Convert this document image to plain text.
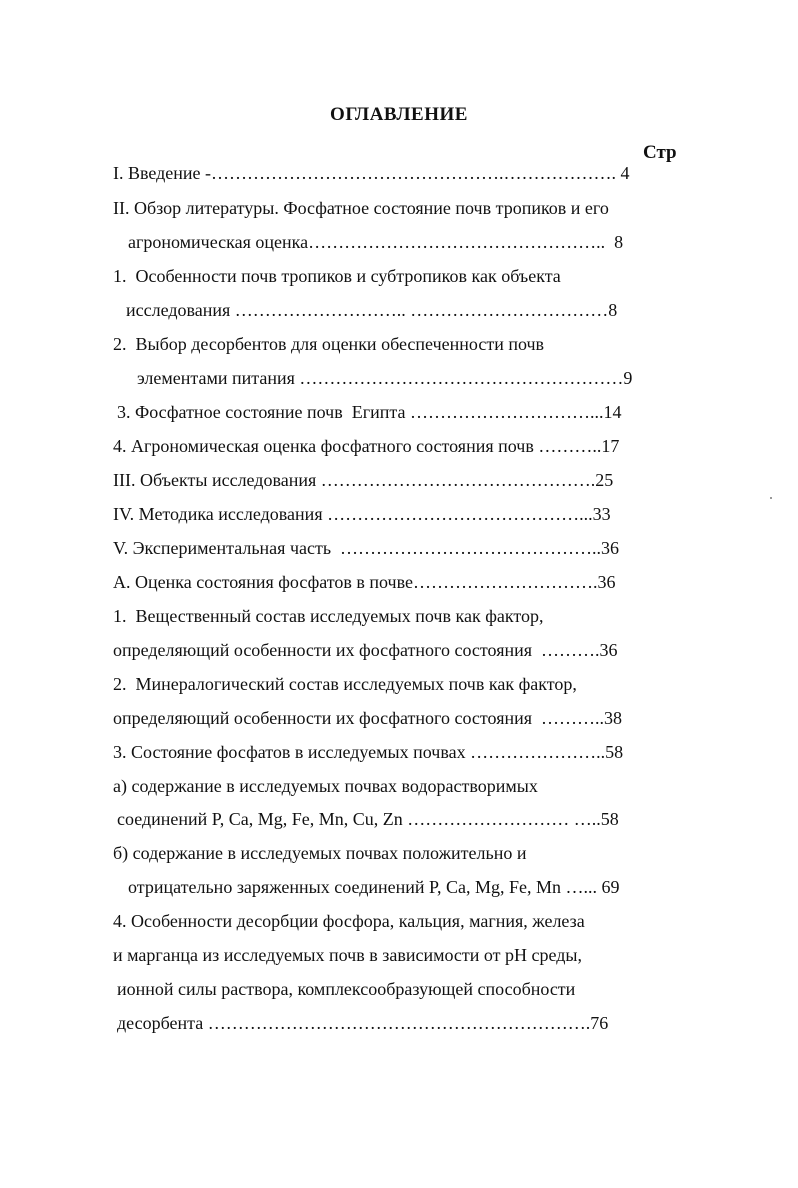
ОГЛАВЛЕНИЕ
Стр
I. Введение -………………………………………….………………. 4
II. Обзор литературы. Фосфатное состояние почв тропиков и его
агрономическая оценка…………………………………………..  8
1.  Особенности почв тропиков и субтропиков как объекта
исследования ……………………….. ……………………………8
2.  Выбор десорбентов для оценки обеспеченности почв
элементами питания ………………………………………………9
3. Фосфатное состояние почв  Египта …………………………...14
4. Агрономическая оценка фосфатного состояния почв ………..17
III. Объекты исследования ……………………………………….25
IV. Методика исследования ……………………………………...33
V. Экспериментальная часть  ……………………………………..36
А. Оценка состояния фосфатов в почве………………………….36
1.  Вещественный состав исследуемых почв как фактор,
определяющий особенности их фосфатного состояния  ……….36
2.  Минералогический состав исследуемых почв как фактор,
определяющий особенности их фосфатного состояния  ………..38
3. Состояние фосфатов в исследуемых почвах …………………..58
а) содержание в исследуемых почвах водорастворимых
соединений P, Ca, Mg, Fe, Mn, Cu, Zn ……………………… …..58
б) содержание в исследуемых почвах положительно и
отрицательно заряженных соединений P, Ca, Mg, Fe, Mn …... 69
4. Особенности десорбции фосфора, кальция, магния, железа
и марганца из исследуемых почв в зависимости от pH среды,
ионной силы раствора, комплексообразующей способности
десорбента ……………………………………………………….76
